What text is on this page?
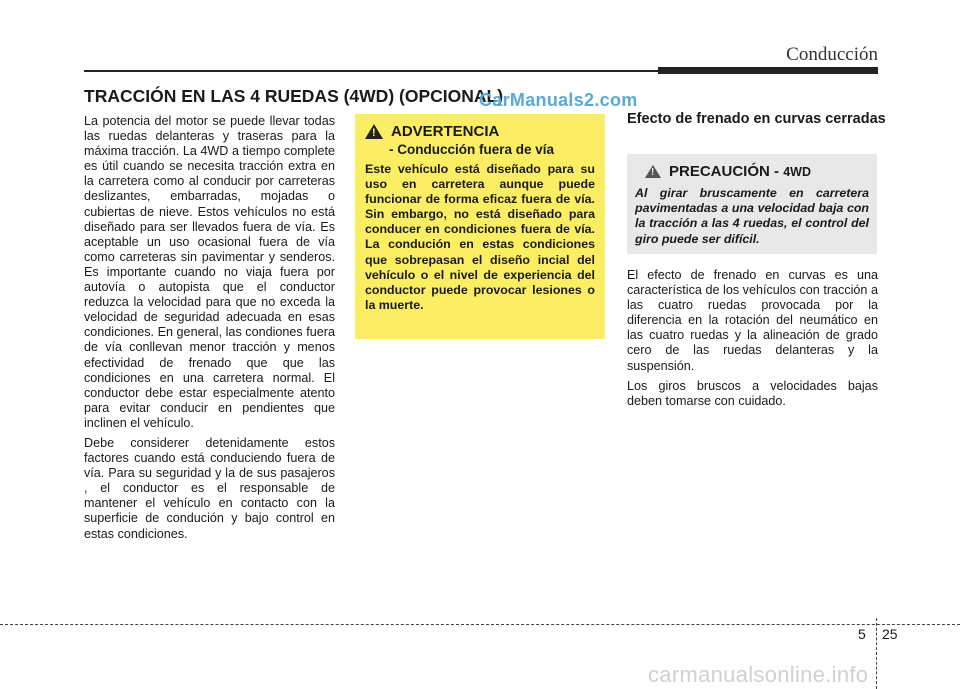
Conducción
TRACCIÓN EN LAS 4 RUEDAS (4WD) (OPCIONAL)
CarManuals2.com

La potencia del motor se puede llevar todas las ruedas delanteras y traseras para la máxima tracción. La 4WD a tiempo complete es útil cuando se necesita tracción extra en la carretera como al conducir por carreteras deslizantes, embarradas, mojadas o cubiertas de nieve. Estos vehículos no está diseñado para ser llevados fuera de vía. Es aceptable un uso ocasional fuera de vía como carreteras sin pavimentar y senderos. Es importante cuando no viaja fuera por autovía o autopista que el conductor reduzca la velocidad para que no exceda la velocidad de seguridad adecuada en esas condiciones. En general, las condiones fuera de vía conllevan menor tracción y menos efectividad de frenado que que las condiciones en una carretera normal. El conductor debe estar especialmente atento para evitar conducir en pendientes que inclinen el vehículo.

Debe considerer detenidamente estos factores cuando está conduciendo fuera de vía. Para su seguridad y la de sus pasajeros , el conductor es el responsable de mantener el vehículo en contacto con la superficie de condución y bajo control en estas condiciones.

! ADVERTENCIA
- Conducción fuera de vía
Este vehículo está diseñado para su uso en carretera aunque puede funcionar de forma eficaz fuera de vía. Sin embargo, no está diseñado para conducer en condiciones fuera de vía. La condución en estas condiciones que sobrepasan el diseño incial del vehículo o el nivel de experiencia del conductor puede provocar lesiones o la muerte.
Efecto de frenado en curvas cerradas
! PRECAUCIÓN - 4WD
Al girar bruscamente en carretera pavimentadas a una velocidad baja con la tracción a las 4 ruedas, el control del giro puede ser difícil.

El efecto de frenado en curvas es una característica de los vehículos con tracción a las cuatro ruedas provocada por la diferencia en la rotación del neumático en las cuatro ruedas y la alineación de grado cero de las ruedas delanteras y la suspensión.

Los giros bruscos a velocidades bajas deben tomarse con cuidado.

5 25
carmanualsonline.info
